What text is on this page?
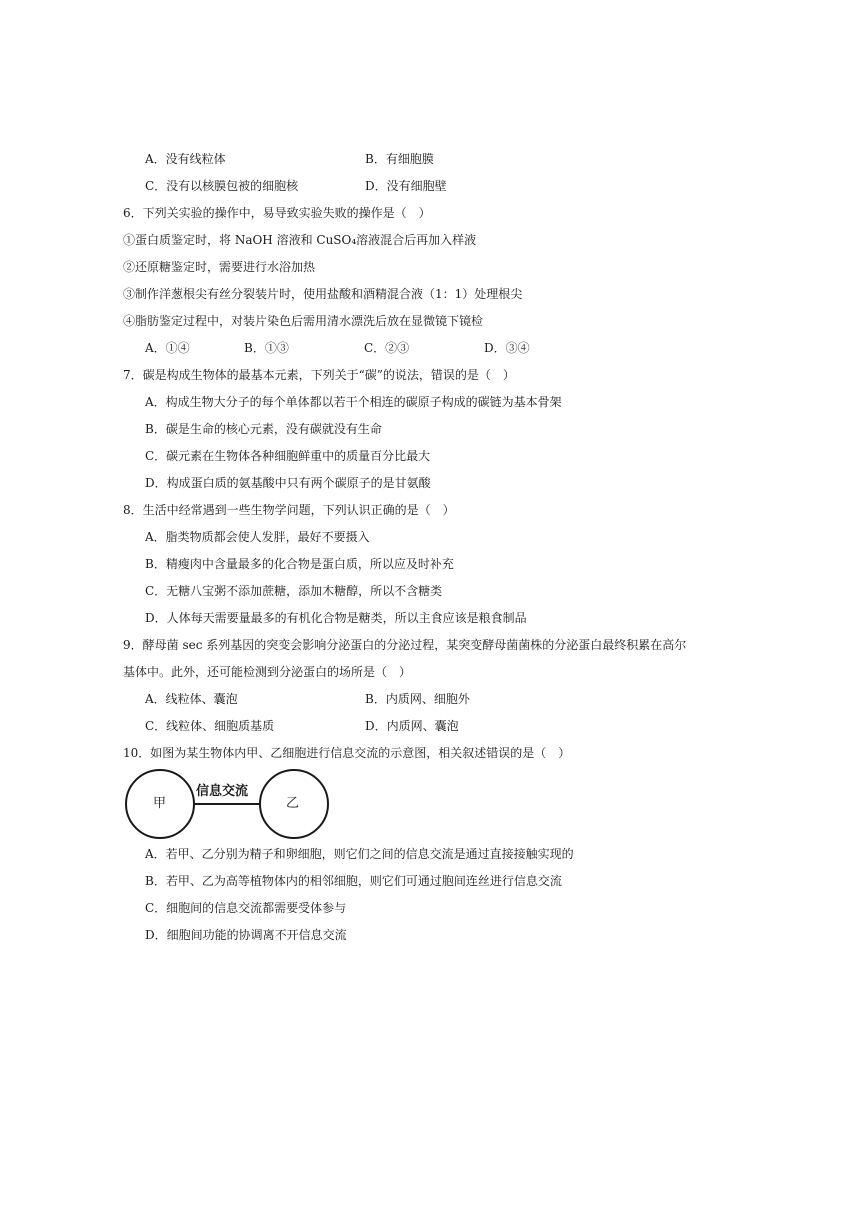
A．没有线粒体	B．有细胞膜
C．没有以核膜包被的细胞核	D．没有细胞壁
6．下列关实验的操作中，易导致实验失败的操作是（　）
①蛋白质鉴定时，将 NaOH 溶液和 CuSO₄溶液混合后再加入样液
②还原糖鉴定时，需要进行水浴加热
③制作洋葱根尖有丝分裂装片时，使用盐酸和酒精混合液（1：1）处理根尖
④脂肪鉴定过程中，对装片染色后需用清水漂洗后放在显微镜下镜检
A．①④	B．①③	C．②③	D．③④
7．碳是构成生物体的最基本元素，下列关于“碳”的说法，错误的是（　）
A．构成生物大分子的每个单体都以若干个相连的碳原子构成的碳链为基本骨架
B．碳是生命的核心元素，没有碳就没有生命
C．碳元素在生物体各种细胞鲜重中的质量百分比最大
D．构成蛋白质的氨基酸中只有两个碳原子的是甘氨酸
8．生活中经常遇到一些生物学问题，下列认识正确的是（　）
A．脂类物质都会使人发胖，最好不要摄入
B．精瘦肉中含量最多的化合物是蛋白质，所以应及时补充
C．无糖八宝粥不添加蔗糖，添加木糖醇，所以不含糖类
D．人体每天需要量最多的有机化合物是糖类，所以主食应该是粮食制品
9．酵母菌 sec 系列基因的突变会影响分泌蛋白的分泌过程，某突变酵母菌菌株的分泌蛋白最终积累在高尔
基体中。此外，还可能检测到分泌蛋白的场所是（　）
A．线粒体、囊泡	B．内质网、细胞外
C．线粒体、细胞质基质	D．内质网、囊泡
10．如图为某生物体内甲、乙细胞进行信息交流的示意图，相关叙述错误的是（　）
甲	乙
信息交流
A．若甲、乙分别为精子和卵细胞，则它们之间的信息交流是通过直接接触实现的
B．若甲、乙为高等植物体内的相邻细胞，则它们可通过胞间连丝进行信息交流
C．细胞间的信息交流都需要受体参与
D．细胞间功能的协调离不开信息交流
